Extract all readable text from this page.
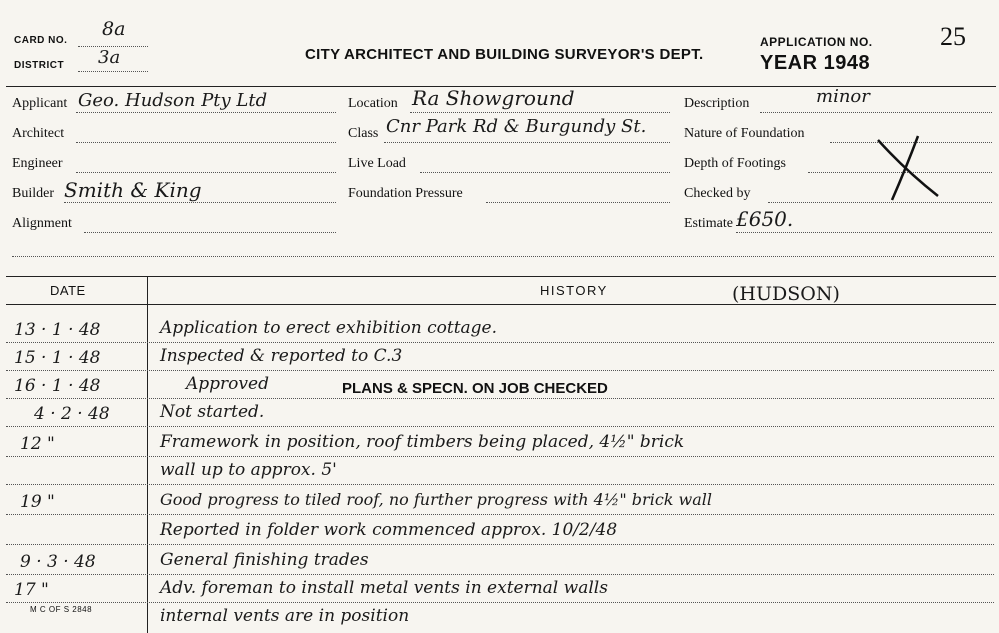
CARD NO.
8a
DISTRICT 3a	CITY ARCHITECT AND BUILDING SURVEYOR'S DEPT.
APPLICATION NO.	25
YEAR 1948
Applicant Geo. Hudson Pty Ltd
Architect
Engineer
Builder Smith & King
Alignment
Location Ra Showground
Class Cnr Park Rd & Burgundy St.
Live Load
Foundation Pressure
Description	minor
Nature of Foundation
Depth of Footings
Checked by
Estimate £650.
DATE	HISTORY	(HUDSON)
13 · 1 · 48	Application to erect exhibition cottage.
15 · 1 · 48	Inspected & reported to C.3
16 · 1 · 48	Approved	PLANS & SPECN. ON JOB CHECKED
4 · 2 · 48	Not started.
12 "	Framework in position, roof timbers being placed, 4½" brick
wall up to approx. 5'
19 "	Good progress to tiled roof, no further progress with 4½" brick wall
Reported in folder work commenced approx. 10/2/48
9 · 3 · 48	General finishing trades
17 "	Adv. foreman to install metal vents in external walls
internal vents are in position
M C OF S 2848
